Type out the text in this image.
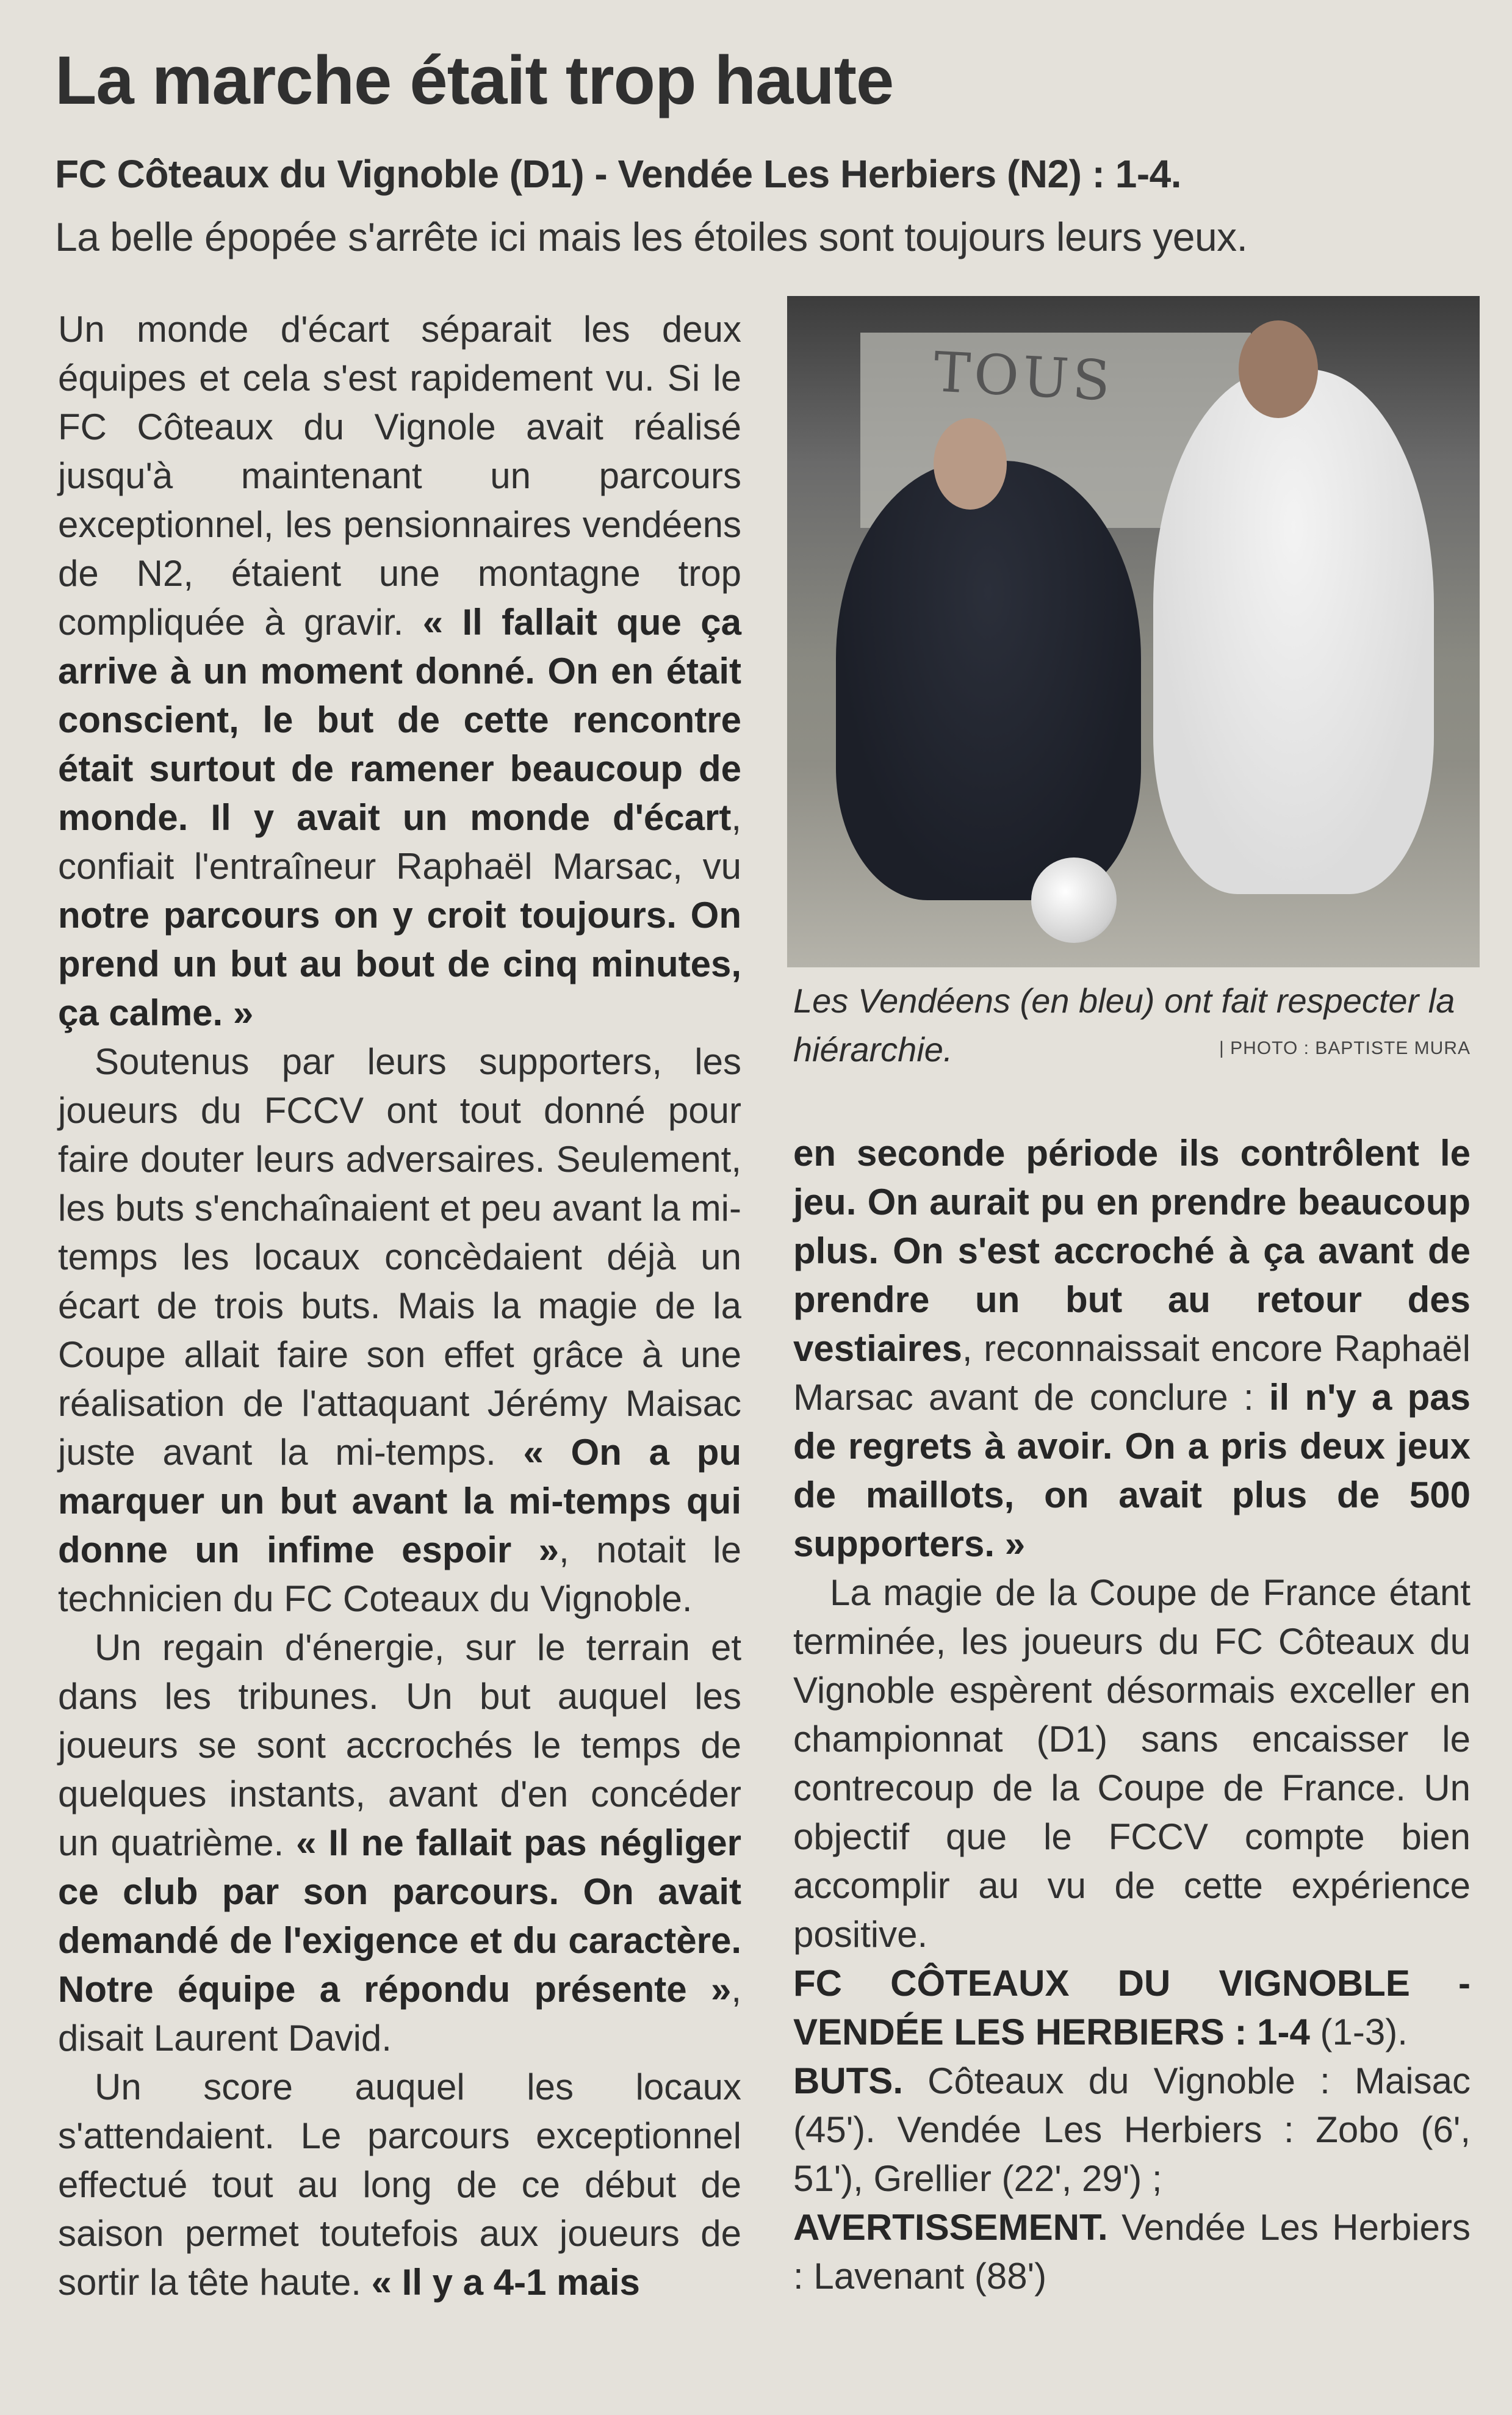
La marche était trop haute
FC Côteaux du Vignoble (D1) - Vendée Les Herbiers (N2) : 1-4.

La belle épopée s'arrête ici mais les étoiles sont toujours leurs yeux.

Un monde d'écart séparait les deux équipes et cela s'est rapidement vu. Si le FC Côteaux du Vignole avait réalisé jusqu'à maintenant un parcours exceptionnel, les pensionnaires vendéens de N2, étaient une montagne trop compliquée à gravir. « Il fallait que ça arrive à un moment donné. On en était conscient, le but de cette rencontre était surtout de ramener beaucoup de monde. Il y avait un monde d'écart, confiait l'entraîneur Raphaël Marsac, vu notre parcours on y croit toujours. On prend un but au bout de cinq minutes, ça calme. »

Soutenus par leurs supporters, les joueurs du FCCV ont tout donné pour faire douter leurs adversaires. Seulement, les buts s'enchaînaient et peu avant la mi-temps les locaux concèdaient déjà un écart de trois buts. Mais la magie de la Coupe allait faire son effet grâce à une réalisation de l'attaquant Jérémy Maisac juste avant la mi-temps. « On a pu marquer un but avant la mi-temps qui donne un infime espoir », notait le technicien du FC Coteaux du Vignoble.

Un regain d'énergie, sur le terrain et dans les tribunes. Un but auquel les joueurs se sont accrochés le temps de quelques instants, avant d'en concéder un quatrième. « Il ne fallait pas négliger ce club par son parcours. On avait demandé de l'exigence et du caractère. Notre équipe a répondu présente », disait Laurent David.

Un score auquel les locaux s'attendaient. Le parcours exceptionnel effectué tout au long de ce début de saison permet toutefois aux joueurs de sortir la tête haute. « Il y a 4-1 mais

TOUS
Les Vendéens (en bleu) ont fait respecter la hiérarchie.	| PHOTO : BAPTISTE MURA

en seconde période ils contrôlent le jeu. On aurait pu en prendre beaucoup plus. On s'est accroché à ça avant de prendre un but au retour des vestiaires, reconnaissait encore Raphaël Marsac avant de conclure : il n'y a pas de regrets à avoir. On a pris deux jeux de maillots, on avait plus de 500 supporters. »

La magie de la Coupe de France étant terminée, les joueurs du FC Côteaux du Vignoble espèrent désormais exceller en championnat (D1) sans encaisser le contrecoup de la Coupe de France. Un objectif que le FCCV compte bien accomplir au vu de cette expérience positive.

FC CÔTEAUX DU VIGNOBLE - VENDÉE LES HERBIERS : 1-4 (1-3).
BUTS. Côteaux du Vignoble : Maisac (45'). Vendée Les Herbiers : Zobo (6', 51'), Grellier (22', 29') ;
AVERTISSEMENT. Vendée Les Herbiers : Lavenant (88')
